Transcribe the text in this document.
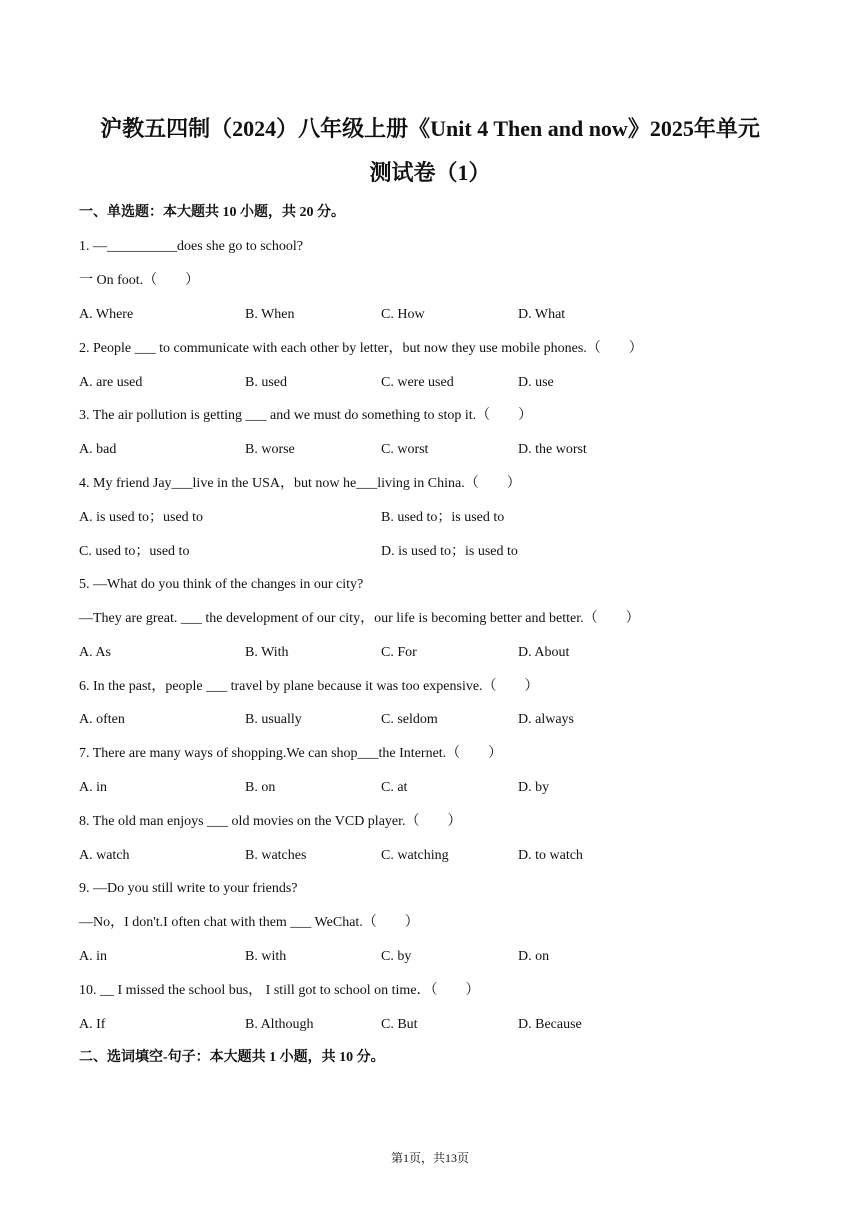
沪教五四制（2024）八年级上册《Unit 4 Then and now》2025年单元
测试卷（1）
一、单选题：本大题共 10 小题，共 20 分。
1. —__________does she go to school?
一 On foot.（　　）
A. Where	B. When	C. How	D. What
2. People ___ to communicate with each other by letter，but now they use mobile phones.（　　）
A. are used	B. used	C. were used	D. use
3. The air pollution is getting ___ and we must do something to stop it.（　　）
A. bad	B. worse	C. worst	D. the worst
4. My friend Jay___live in the USA，but now he___living in China.（　　）
A. is used to；used to	B. used to；is used to
C. used to；used to	D. is used to；is used to
5. —What do you think of the changes in our city?
—They are great. ___ the development of our city，our life is becoming better and better.（　　）
A. As	B. With	C. For	D. About
6. In the past，people ___ travel by plane because it was too expensive.（　　）
A. often	B. usually	C. seldom	D. always
7. There are many ways of shopping.We can shop___the Internet.（　　）
A. in	B. on	C. at	D. by
8. The old man enjoys ___ old movies on the VCD player.（　　）
A. watch	B. watches	C. watching	D. to watch
9. —Do you still write to your friends?
—No，I don't.I often chat with them ___ WeChat.（　　）
A. in	B. with	C. by	D. on
10. __ I missed the school bus， I still got to school on time．（　　）
A. If	B. Although	C. But	D. Because
二、选词填空-句子：本大题共 1 小题，共 10 分。
第1页，共13页
